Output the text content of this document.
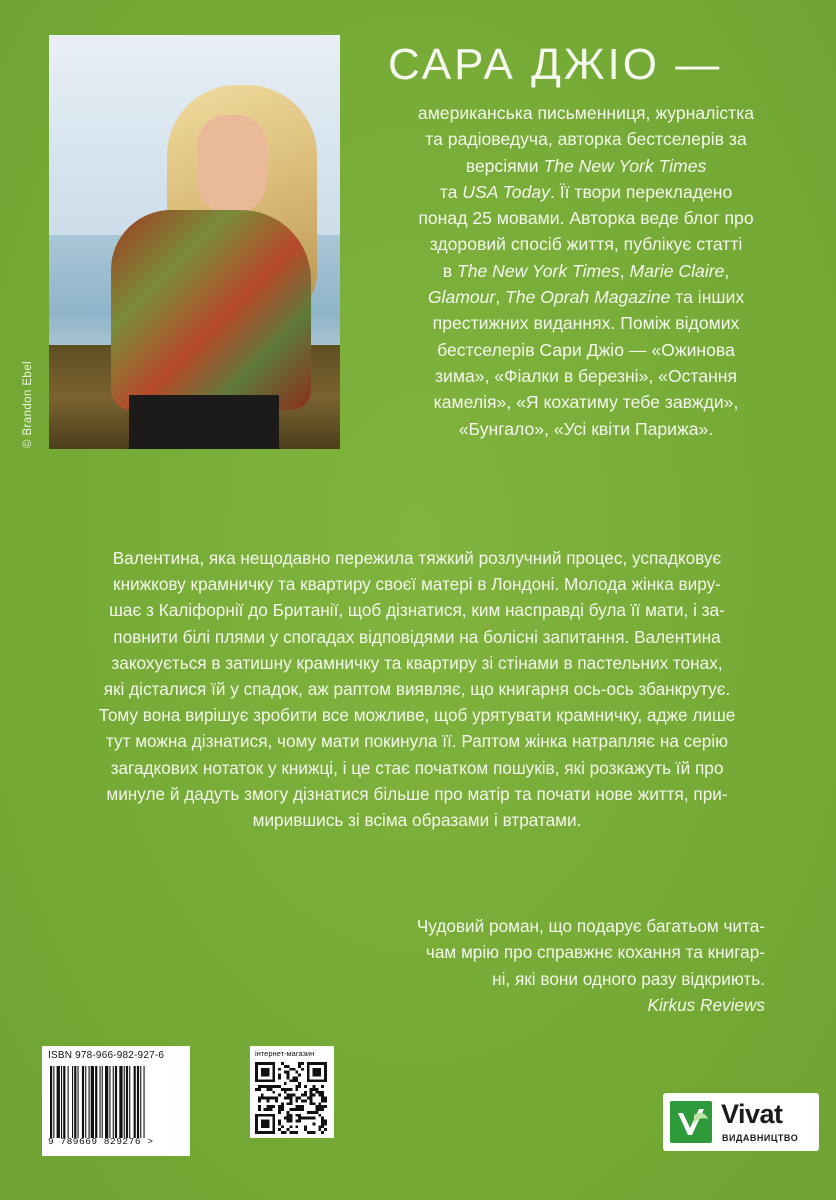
© Brandon Ebel
САРА ДЖІО —
американська письменниця, журналістка
та радіоведуча, авторка бестселерів за
версіями The New York Times
та USA Today. Її твори перекладено
понад 25 мовами. Авторка веде блог про
здоровий спосіб життя, публікує статті
в The New York Times, Marie Claire,
Glamour, The Oprah Magazine та інших
престижних виданнях. Поміж відомих
бестселерів Сари Джіо — «Ожинова
зима», «Фіалки в березні», «Остання
камелія», «Я кохатиму тебе завжди»,
«Бунгало», «Усі квіти Парижа».
Валентина, яка нещодавно пережила тяжкий розлучний процес, успадковує
книжкову крамничку та квартиру своєї матері в Лондоні. Молода жінка виру-
шає з Каліфорнії до Британії, щоб дізнатися, ким насправді була її мати, і за-
повнити білі плями у спогадах відповідями на болісні запитання. Валентина
закохується в затишну крамничку та квартиру зі стінами в пастельних тонах,
які дісталися їй у спадок, аж раптом виявляє, що книгарня ось-ось збанкрутує.
Тому вона вирішує зробити все можливе, щоб урятувати крамничку, адже лише
тут можна дізнатися, чому мати покинула її. Раптом жінка натрапляє на серію
загадкових нотаток у книжці, і це стає початком пошуків, які розкажуть їй про
минуле й дадуть змогу дізнатися більше про матір та почати нове життя, при-
мирившись зі всіма образами і втратами.
Чудовий роман, що подарує багатьом чита-
чам мрію про справжнє кохання та книгар-
ні, які вони одного разу відкриють.
Kirkus Reviews
ISBN 978-966-982-927-6
9 789669 829276 >
інтернет-магазин
Vivat
ВИДАВНИЦТВО
